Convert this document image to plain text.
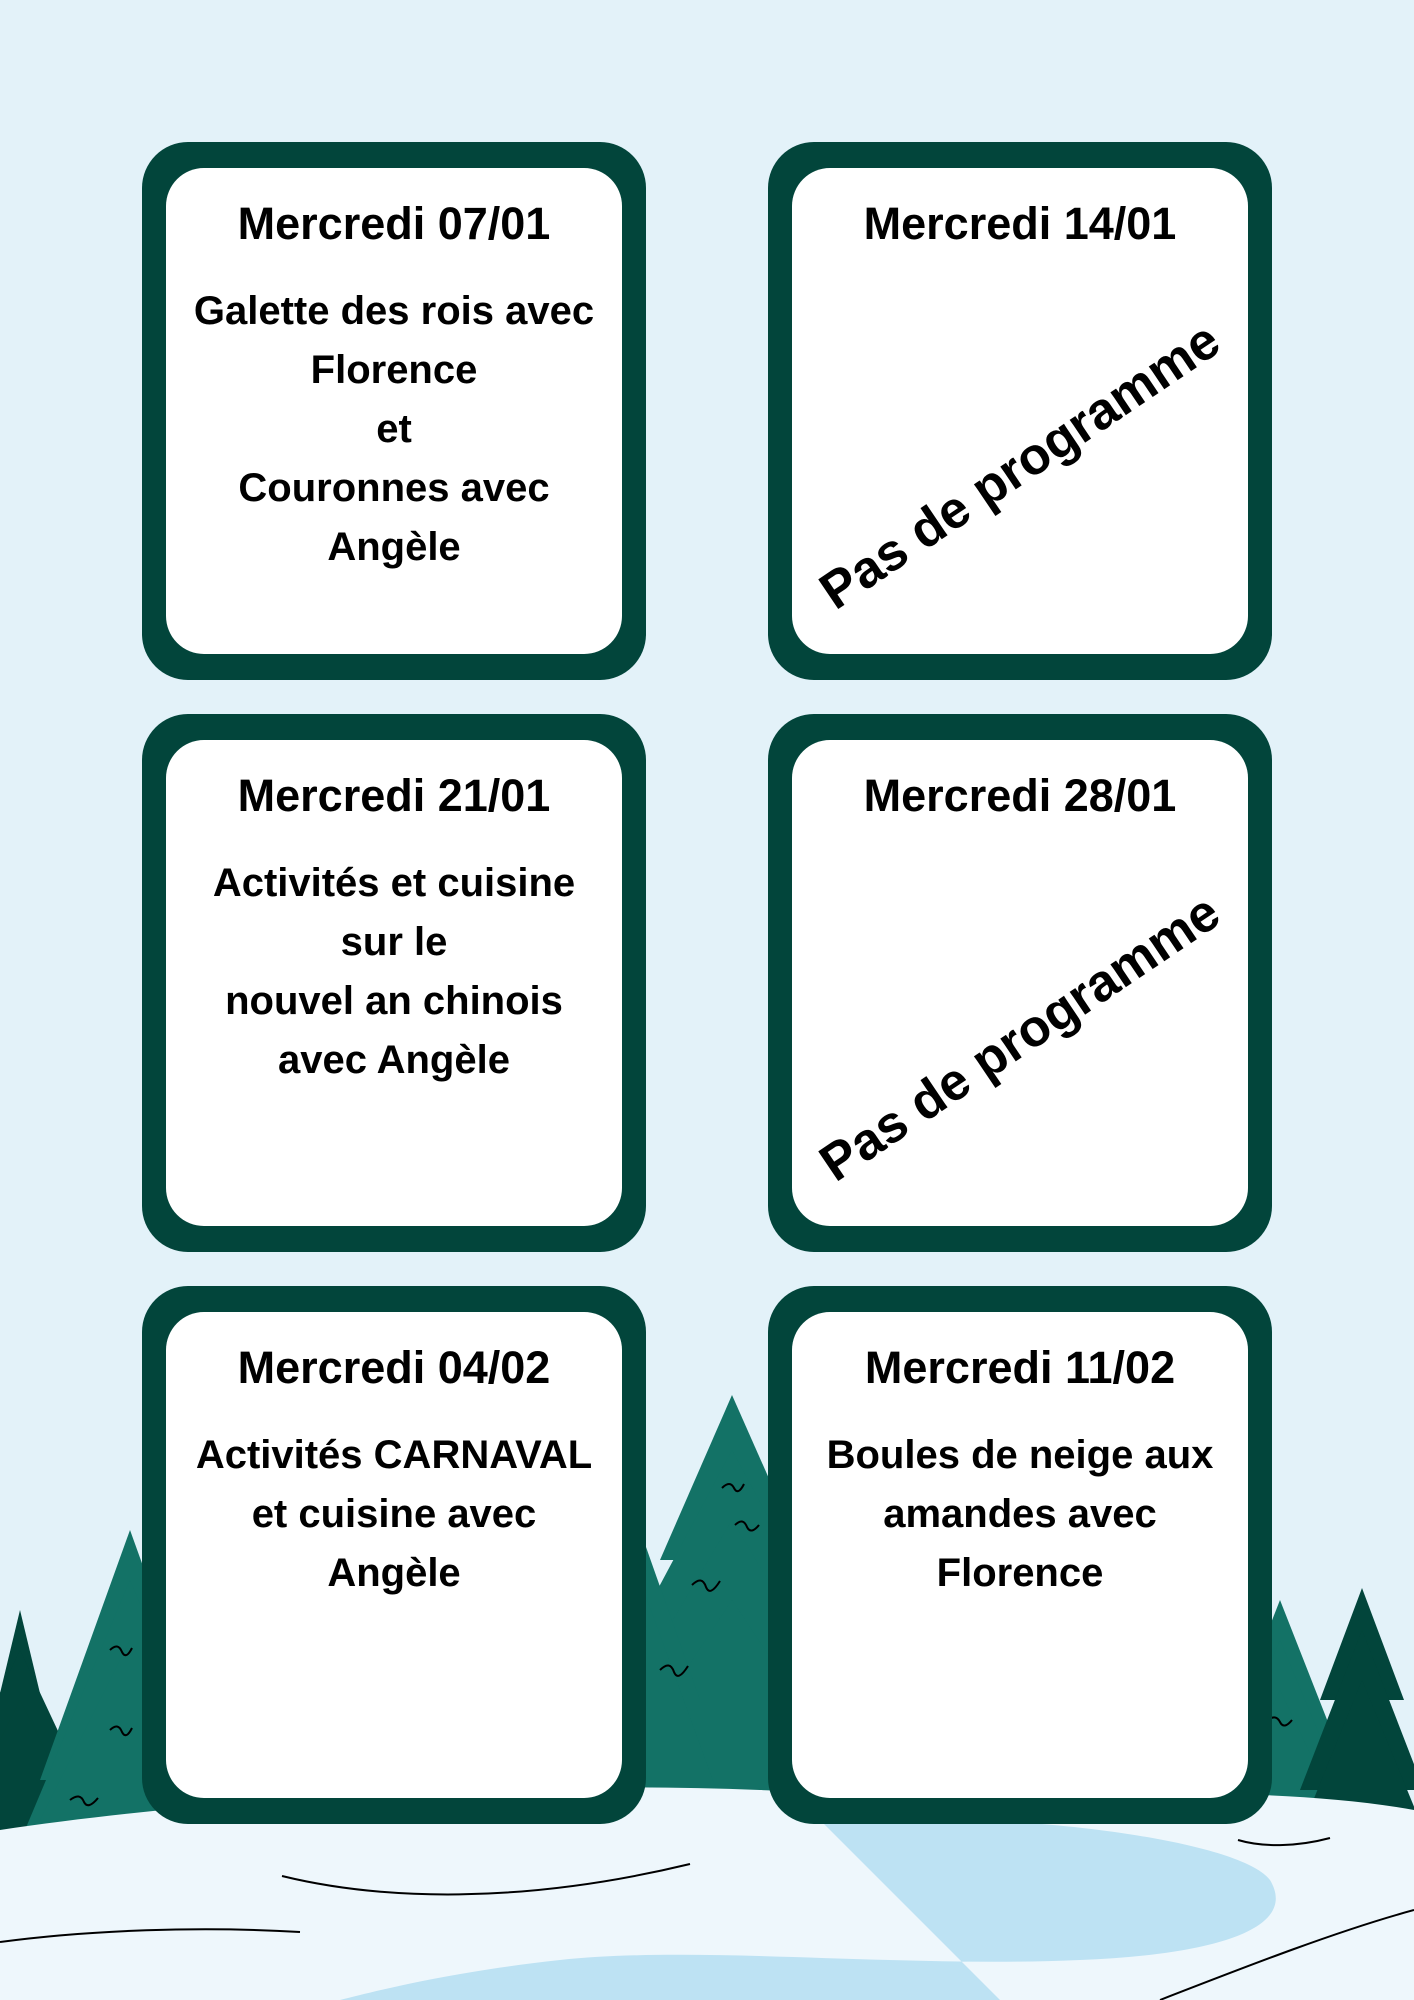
Mercredi 07/01
Galette des rois avec
Florence
et
Couronnes avec
Angèle
Mercredi 14/01
Pas de programme
Mercredi 21/01
Activités et cuisine
sur le
nouvel an chinois
avec Angèle
Mercredi 28/01
Pas de programme
Mercredi 04/02
Activités CARNAVAL
et cuisine avec
Angèle
Mercredi 11/02
Boules de neige aux
amandes avec
Florence
